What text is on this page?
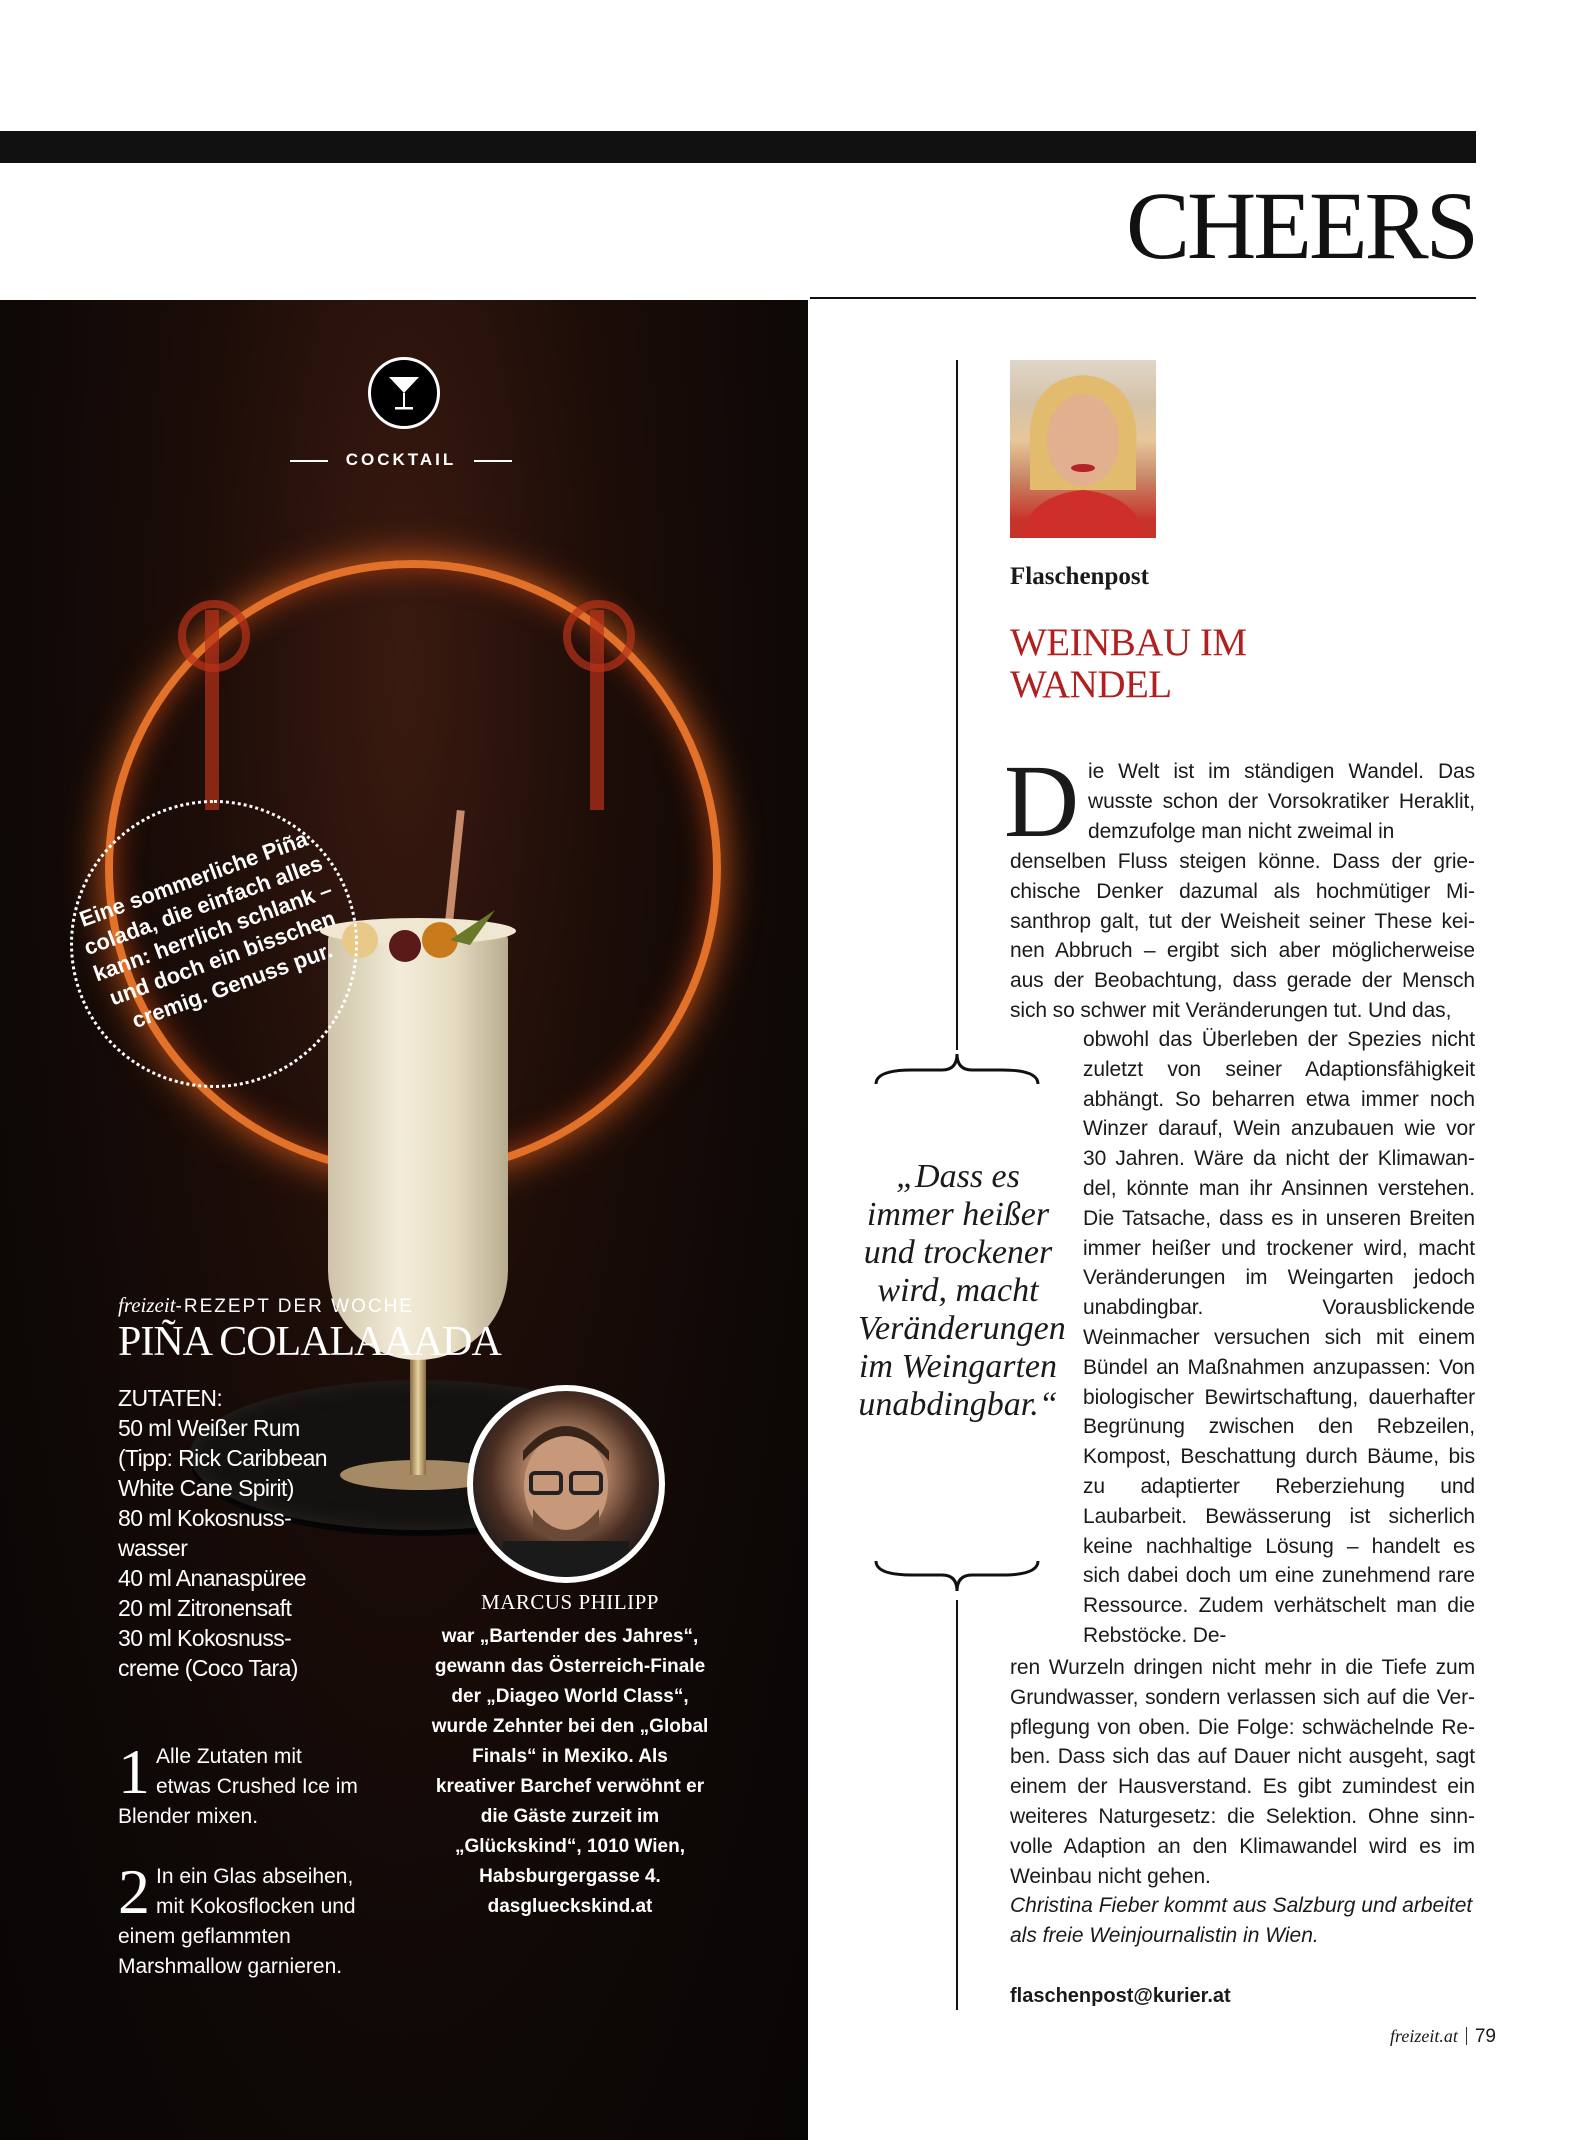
CHEERS
COCKTAIL
Eine sommerliche Piña colada, die einfach alles kann: herrlich schlank – und doch ein bisschen cremig. Genuss pur.
freizeit-REZEPT DER WOCHE
PIÑA COLALAAADA
ZUTATEN:
50 ml Weißer Rum
(Tipp: Rick Caribbean
White Cane Spirit)
80 ml Kokosnuss-
wasser
40 ml Ananaspüree
20 ml Zitronensaft
30 ml Kokosnuss-
creme (Coco Tara)
1 Alle Zutaten mit etwas Crushed Ice im Blender mixen.
2 In ein Glas abseihen, mit Kokosflocken und einem geflammten Marshmallow garnieren.
MARCUS PHILIPP
war „Bartender des Jahres“, gewann das Österreich-Finale der „Diageo World Class“, wurde Zehnter bei den „Global Finals“ in Mexiko. Als kreativer Barchef verwöhnt er die Gäste zurzeit im „Glückskind“, 1010 Wien, Habsburgergasse 4. dasglueckskind.at
Flaschenpost
WEINBAU IM WANDEL
D ie Welt ist im ständigen Wandel. Das wusste schon der Vorsokratiker Heraklit, demzufolge man nicht zweimal in
denselben Fluss steigen könne. Dass der griechische Denker dazumal als hochmütiger Misanthrop galt, tut der Weisheit seiner These keinen Abbruch – ergibt sich aber möglicherweise aus der Beobachtung, dass gerade der Mensch sich so schwer mit Veränderungen tut. Und das,
obwohl das Überleben der Spezies nicht zuletzt von seiner Adaptionsfähigkeit abhängt. So beharren etwa immer noch Winzer darauf, Wein anzubauen wie vor 30 Jahren. Wäre da nicht der Klimawandel, könnte man ihr Ansinnen verstehen. Die Tatsache, dass es in unseren Breiten immer heißer und trockener wird, macht Veränderungen im Weingarten jedoch unabdingbar. Vorausblickende Weinmacher versuchen sich mit einem Bündel an Maßnahmen anzupassen: Von biologischer Bewirtschaftung, dauerhafter Begrünung zwischen den Rebzeilen, Kompost, Beschattung durch Bäume, bis zu adaptierter Reberziehung und Laubarbeit. Bewässerung ist sicherlich keine nachhaltige Lösung – handelt es sich dabei doch um eine zunehmend rare Ressource. Zudem verhätschelt man die Rebstöcke. De-
ren Wurzeln dringen nicht mehr in die Tiefe zum Grundwasser, sondern verlassen sich auf die Verpflegung von oben. Die Folge: schwächelnde Reben. Dass sich das auf Dauer nicht ausgeht, sagt einem der Hausverstand. Es gibt zumindest ein weiteres Naturgesetz: die Selektion. Ohne sinnvolle Adaption an den Klimawandel wird es im Weinbau nicht gehen.
Christina Fieber kommt aus Salzburg und arbeitet als freie Weinjournalistin in Wien.
flaschenpost@kurier.at
„Dass es immer heißer und trockener wird, macht Veränderungen im Weingarten unabdingbar.“
freizeit.at 79
